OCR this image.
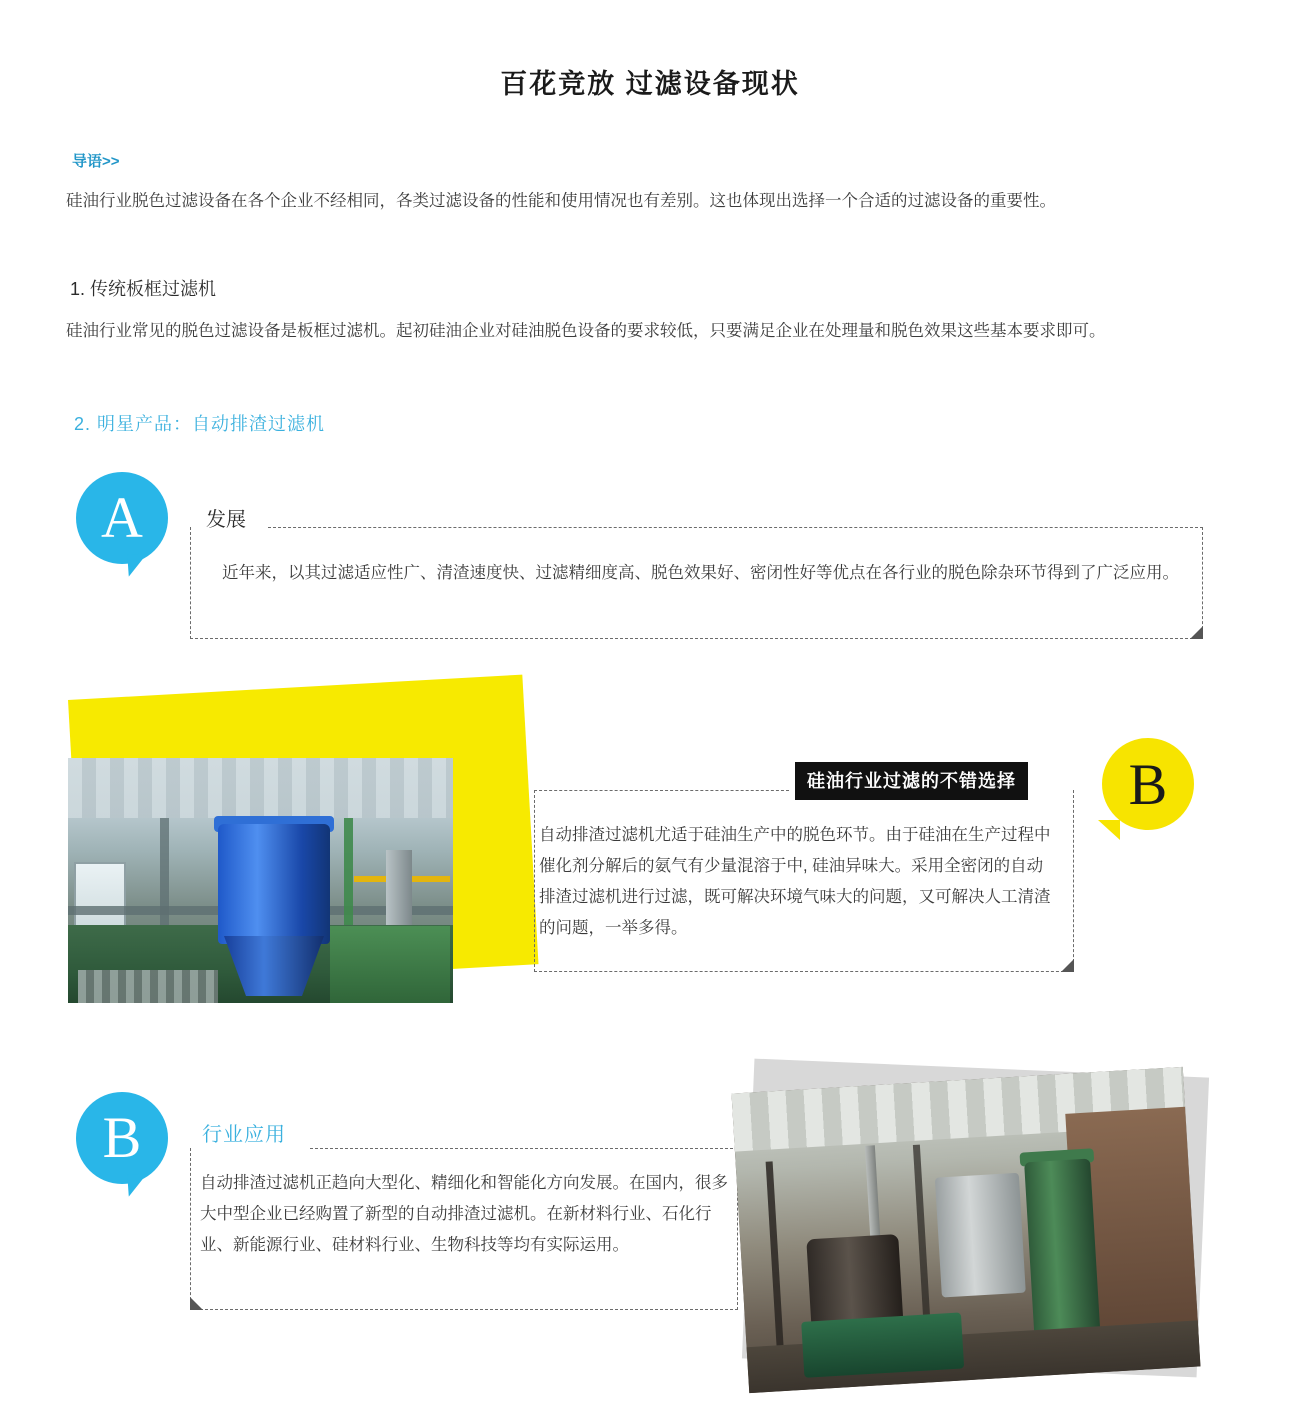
百花竞放 过滤设备现状
导语>>
硅油行业脱色过滤设备在各个企业不经相同，各类过滤设备的性能和使用情况也有差别。这也体现出选择一个合适的过滤设备的重要性。
1. 传统板框过滤机
硅油行业常见的脱色过滤设备是板框过滤机。起初硅油企业对硅油脱色设备的要求较低，只要满足企业在处理量和脱色效果这些基本要求即可。
2. 明星产品：自动排渣过滤机
A	发展
近年来，以其过滤适应性广、清渣速度快、过滤精细度高、脱色效果好、密闭性好等优点在各行业的脱色除杂环节得到了广泛应用。
B
硅油行业过滤的不错选择
自动排渣过滤机尤适于硅油生产中的脱色环节。由于硅油在生产过程中催化剂分解后的氨气有少量混溶于中, 硅油异味大。采用全密闭的自动排渣过滤机进行过滤，既可解决环境气味大的问题，又可解决人工清渣的问题，一举多得。
B	行业应用
自动排渣过滤机正趋向大型化、精细化和智能化方向发展。在国内，很多大中型企业已经购置了新型的自动排渣过滤机。在新材料行业、石化行业、新能源行业、硅材料行业、生物科技等均有实际运用。
